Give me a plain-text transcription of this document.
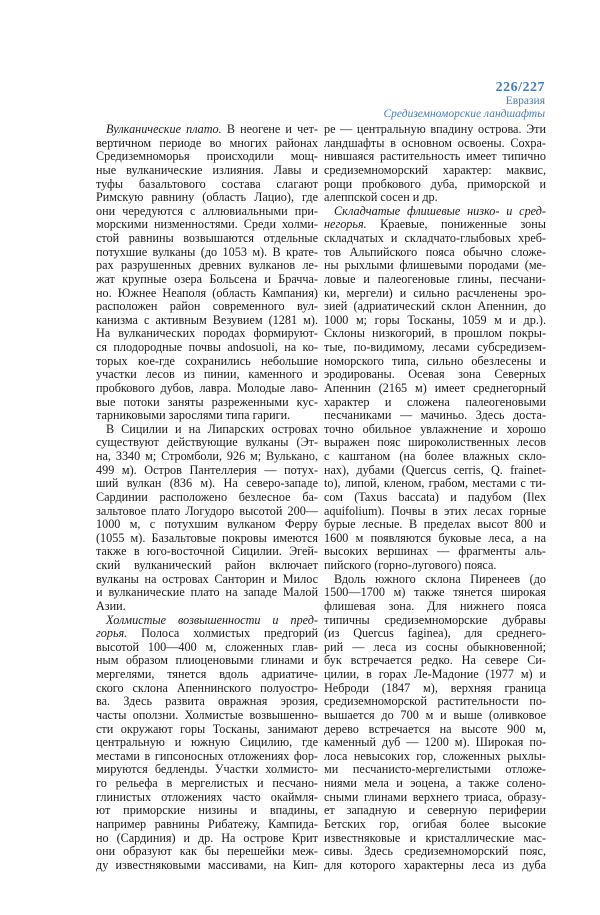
226/227
Евразия
Средиземноморские ландшафты
Вулканические плато. В неогене и чет-
вертичном периоде во многих районах
Средиземноморья происходили мощ-
ные вулканические излияния. Лавы и
туфы базальтового состава слагают
Римскую равнину (область Лацио), где
они чередуются с аллювиальными при-
морскими низменностями. Среди холми-
стой равнины возвышаются отдельные
потухшие вулканы (до 1053 м). В крате-
рах разрушенных древних вулканов ле-
жат крупные озера Больсена и Брачча-
но. Южнее Неаполя (область Кампания)
расположен район современного вул-
канизма с активным Везувием (1281 м).
На вулканических породах формируют-
ся плодородные почвы andosuoli, на ко-
торых кое-где сохранились небольшие
участки лесов из пинии, каменного и
пробкового дубов, лавра. Молодые лаво-
вые потоки заняты разреженными кус-
тарниковыми зарослями типа гариги.
В Сицилии и на Липарских островах
существуют действующие вулканы (Эт-
на, 3340 м; Стромболи, 926 м; Вулькано,
499 м). Остров Пантеллерия — потух-
ший вулкан (836 м). На северо-западе
Сардинии расположено безлесное ба-
зальтовое плато Логудоро высотой 200—
1000 м, с потухшим вулканом Ферру
(1055 м). Базальтовые покровы имеются
также в юго-восточной Сицилии. Эгей-
ский вулканический район включает
вулканы на островах Санторин и Милос
и вулканические плато на западе Малой
Азии.
Холмистые возвышенности и пред-
горья. Полоса холмистых предгорий
высотой 100—400 м, сложенных глав-
ным образом плиоценовыми глинами и
мергелями, тянется вдоль адриатиче-
ского склона Апеннинского полуостро-
ва. Здесь развита овражная эрозия,
часты оползни. Холмистые возвышенно-
сти окружают горы Тосканы, занимают
центральную и южную Сицилию, где
местами в гипсоносных отложениях фор-
мируются бедленды. Участки холмисто-
го рельефа в мергелистых и песчано-
глинистых отложениях часто окаймля-
ют приморские низины и впадины,
например равнины Рибатежу, Кампида-
но (Сардиния) и др. На острове Крит
они образуют как бы перешейки меж-
ду известняковыми массивами, на Кип-
ре — центральную впадину острова. Эти
ландшафты в основном освоены. Сохра-
нившаяся растительность имеет типично
средиземноморский характер: маквис,
рощи пробкового дуба, приморской и
алеппской сосен и др.
Складчатые флишевые низко- и сред-
негорья. Краевые, пониженные зоны
складчатых и складчато-глыбовых хреб-
тов Альпийского пояса обычно сложе-
ны рыхлыми флишевыми породами (ме-
ловые и палеогеновые глины, песчани-
ки, мергели) и сильно расчленены эро-
зией (адриатический склон Апеннин, до
1000 м; горы Тосканы, 1059 м и др.).
Склоны низкогорий, в прошлом покры-
тые, по-видимому, лесами субсредизем-
номорского типа, сильно обезлесены и
эродированы. Осевая зона Северных
Апеннин (2165 м) имеет среднегорный
характер и сложена палеогеновыми
песчаниками — мачиньо. Здесь доста-
точно обильное увлажнение и хорошо
выражен пояс широколиственных лесов
с каштаном (на более влажных скло-
нах), дубами (Quercus cerris, Q. frainet-
to), липой, кленом, грабом, местами с ти-
сом (Taxus baccata) и падубом (Ilex
aquifolium). Почвы в этих лесах горные
бурые лесные. В пределах высот 800 и
1600 м появляются буковые леса, а на
высоких вершинах — фрагменты аль-
пийского (горно-лугового) пояса.
Вдоль южного склона Пиренеев (до
1500—1700 м) также тянется широкая
флишевая зона. Для нижнего пояса
типичны средиземноморские дубравы
(из Quercus faginea), для среднего-
рий — леса из сосны обыкновенной;
бук встречается редко. На севере Си-
цилии, в горах Ле-Мадоние (1977 м) и
Неброди (1847 м), верхняя граница
средиземноморской растительности по-
вышается до 700 м и выше (оливковое
дерево встречается на высоте 900 м,
каменный дуб — 1200 м). Широкая по-
лоса невысоких гор, сложенных рыхлы-
ми песчанисто-мергелистыми отложе-
ниями мела и эоцена, а также солено-
сными глинами верхнего триаса, образу-
ет западную и северную периферии
Бетских гор, огибая более высокие
известняковые и кристаллические мас-
сивы. Здесь средиземноморский пояс,
для которого характерны леса из дуба
